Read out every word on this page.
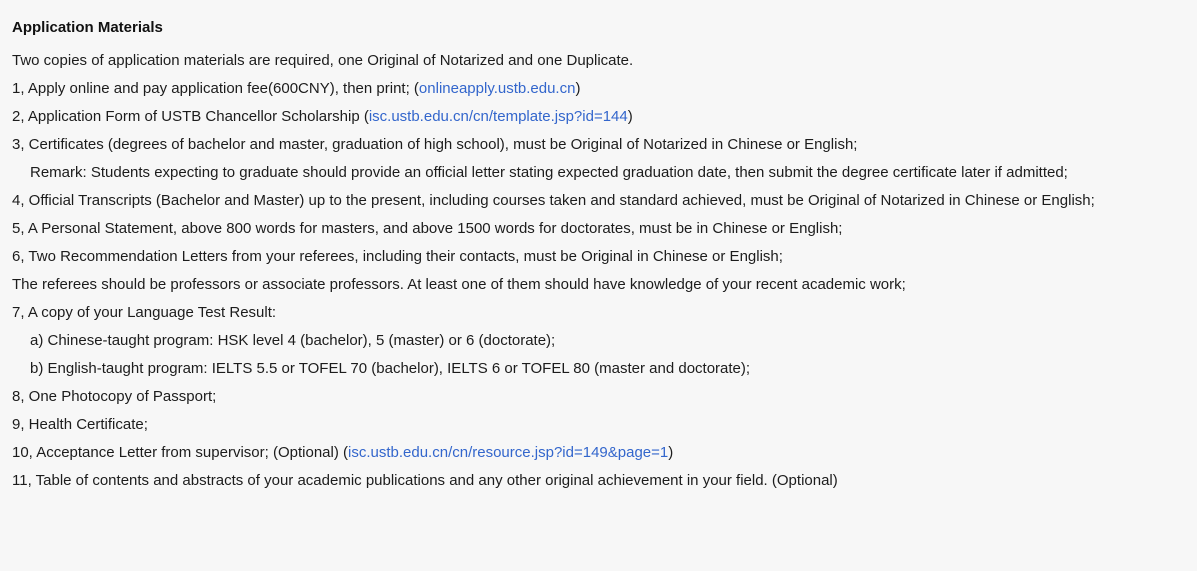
Application Materials

Two copies of application materials are required, one Original of Notarized and one Duplicate.

1, Apply online and pay application fee(600CNY), then print; (onlineapply.ustb.edu.cn)

2, Application Form of USTB Chancellor Scholarship (isc.ustb.edu.cn/cn/template.jsp?id=144)

3, Certificates (degrees of bachelor and master, graduation of high school), must be Original of Notarized in Chinese or English;

Remark: Students expecting to graduate should provide an official letter stating expected graduation date, then submit the degree certificate later if admitted;

4, Official Transcripts (Bachelor and Master) up to the present, including courses taken and standard achieved, must be Original of Notarized in Chinese or English;

5, A Personal Statement, above 800 words for masters, and above 1500 words for doctorates, must be in Chinese or English;

6, Two Recommendation Letters from your referees, including their contacts, must be Original in Chinese or English;

The referees should be professors or associate professors. At least one of them should have knowledge of your recent academic work;

7, A copy of your Language Test Result:

a) Chinese-taught program: HSK level 4 (bachelor), 5 (master) or 6 (doctorate);

b) English-taught program: IELTS 5.5 or TOFEL 70 (bachelor), IELTS 6 or TOFEL 80 (master and doctorate);

8, One Photocopy of Passport;

9, Health Certificate;

10, Acceptance Letter from supervisor; (Optional) (isc.ustb.edu.cn/cn/resource.jsp?id=149&page=1)

11, Table of contents and abstracts of your academic publications and any other original achievement in your field. (Optional)
